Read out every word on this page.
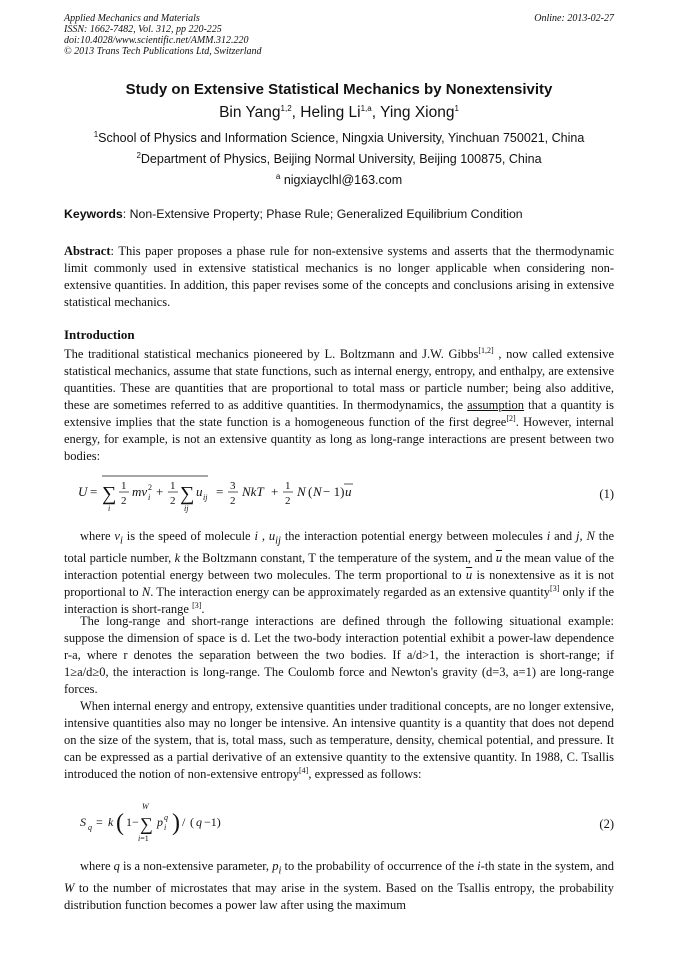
Applied Mechanics and Materials
ISSN: 1662-7482, Vol. 312, pp 220-225
doi:10.4028/www.scientific.net/AMM.312.220
© 2013 Trans Tech Publications Ltd, Switzerland
Online: 2013-02-27
Study on Extensive Statistical Mechanics by Nonextensivity
Bin Yang$^{1,2}$, Heling Li$^{1,a}$, Ying Xiong$^1$
$^1$School of Physics and Information Science, Ningxia University, Yinchuan 750021, China
$^2$Department of Physics, Beijing Normal University, Beijing 100875, China
$^a$ nigxiayclhl@163.com
Keywords: Non-Extensive Property; Phase Rule; Generalized Equilibrium Condition

Abstract: This paper proposes a phase rule for non-extensive systems and asserts that the thermodynamic limit commonly used in extensive statistical mechanics is no longer applicable when considering non-extensive quantities. In addition, this paper revises some of the concepts and conclusions arising in extensive statistical mechanics.

Introduction

The traditional statistical mechanics pioneered by L. Boltzmann and J.W. Gibbs[1,2] , now called extensive statistical mechanics, assume that state functions, such as internal energy, entropy, and enthalpy, are extensive quantities. These are quantities that are proportional to total mass or particle number; being also additive, these are sometimes referred to as additive quantities. In thermodynamics, the assumption that a quantity is extensive implies that the state function is a homogeneous function of the first degree[2]. However, internal energy, for example, is not an extensive quantity as long as long-range interactions are present between two bodies:

U = ∑
i
1
2
mv 2
i + 1
2 ∑
ij
u ij = 3
2
NkT + 1
2
N ( N − 1) u	(1)

where $v_i$ is the speed of molecule i , $u_{ij}$ the interaction potential energy between molecules i and j, N the total particle number, k the Boltzmann constant, T the temperature of the system, and $\overline{u}$ the mean value of the interaction potential energy between two molecules. The term proportional to $\overline{u}$ is nonextensive as it is not proportional to N. The interaction energy can be approximately regarded as an extensive quantity[3] only if the interaction is short-range [3].

The long-range and short-range interactions are defined through the following situational example: suppose the dimension of space is d. Let the two-body interaction potential exhibit a power-law dependence r-a, where r denotes the separation between the two bodies. If a/d>1, the interaction is short-range; if 1≥a/d≥0, the interaction is long-range. The Coulomb force and Newton's gravity (d=3, a=1) are long-range forces.

When internal energy and entropy, extensive quantities under traditional concepts, are no longer extensive, intensive quantities also may no longer be intensive. An intensive quantity is a quantity that does not depend on the size of the system, that is, total mass, such as temperature, density, chemical potential, and pressure. It can be expressed as a partial derivative of an extensive quantity to the extensive quantity. In 1988, C. Tsallis introduced the notion of non-extensive entropy[4], expressed as follows:

S q = k ( 1−
W
∑
i=1
p q
i ) / ( q −1)	(2)

where q is a non-extensive parameter, $p_i$ to the probability of occurrence of the i-th state in the system, and W to the number of microstates that may arise in the system. Based on the Tsallis entropy, the probability distribution function becomes a power law after using the maximum
